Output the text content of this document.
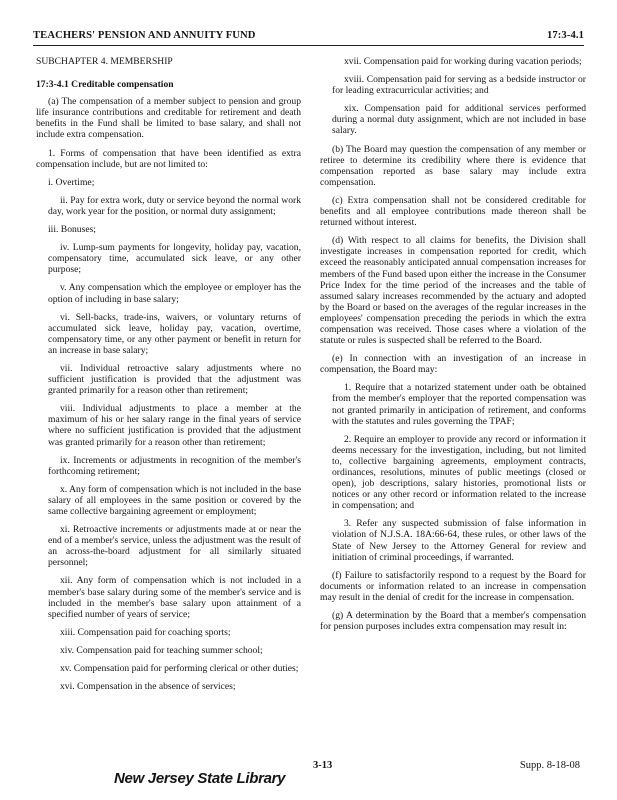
TEACHERS' PENSION AND ANNUITY FUND	17:3-4.1

SUBCHAPTER 4. MEMBERSHIP

17:3-4.1 Creditable compensation

(a) The compensation of a member subject to pension and group life insurance contributions and creditable for retirement and death benefits in the Fund shall be limited to base salary, and shall not include extra compensation.

1. Forms of compensation that have been identified as extra compensation include, but are not limited to:

i. Overtime;

ii. Pay for extra work, duty or service beyond the normal work day, work year for the position, or normal duty assignment;

iii. Bonuses;

iv. Lump-sum payments for longevity, holiday pay, vacation, compensatory time, accumulated sick leave, or any other purpose;

v. Any compensation which the employee or employer has the option of including in base salary;

vi. Sell-backs, trade-ins, waivers, or voluntary returns of accumulated sick leave, holiday pay, vacation, overtime, compensatory time, or any other payment or benefit in return for an increase in base salary;

vii. Individual retroactive salary adjustments where no sufficient justification is provided that the adjustment was granted primarily for a reason other than retirement;

viii. Individual adjustments to place a member at the maximum of his or her salary range in the final years of service where no sufficient justification is provided that the adjustment was granted primarily for a reason other than retirement;

ix. Increments or adjustments in recognition of the member's forthcoming retirement;

x. Any form of compensation which is not included in the base salary of all employees in the same position or covered by the same collective bargaining agreement or employment;

xi. Retroactive increments or adjustments made at or near the end of a member's service, unless the adjustment was the result of an across-the-board adjustment for all similarly situated personnel;

xii. Any form of compensation which is not included in a member's base salary during some of the member's service and is included in the member's base salary upon attainment of a specified number of years of service;

xiii. Compensation paid for coaching sports;

xiv. Compensation paid for teaching summer school;

xv. Compensation paid for performing clerical or other duties;

xvi. Compensation in the absence of services;

xvii. Compensation paid for working during vacation periods;

xviii. Compensation paid for serving as a bedside instructor or for leading extracurricular activities; and

xix. Compensation paid for additional services performed during a normal duty assignment, which are not included in base salary.

(b) The Board may question the compensation of any member or retiree to determine its credibility where there is evidence that compensation reported as base salary may include extra compensation.

(c) Extra compensation shall not be considered creditable for benefits and all employee contributions made thereon shall be returned without interest.

(d) With respect to all claims for benefits, the Division shall investigate increases in compensation reported for credit, which exceed the reasonably anticipated annual compensation increases for members of the Fund based upon either the increase in the Consumer Price Index for the time period of the increases and the table of assumed salary increases recommended by the actuary and adopted by the Board or based on the averages of the regular increases in the employees' compensation preceding the periods in which the extra compensation was received. Those cases where a violation of the statute or rules is suspected shall be referred to the Board.

(e) In connection with an investigation of an increase in compensation, the Board may:

1. Require that a notarized statement under oath be obtained from the member's employer that the reported compensation was not granted primarily in anticipation of retirement, and conforms with the statutes and rules governing the TPAF;

2. Require an employer to provide any record or information it deems necessary for the investigation, including, but not limited to, collective bargaining agreements, employment contracts, ordinances, resolutions, minutes of public meetings (closed or open), job descriptions, salary histories, promotional lists or notices or any other record or information related to the increase in compensation; and

3. Refer any suspected submission of false information in violation of N.J.S.A. 18A:66-64, these rules, or other laws of the State of New Jersey to the Attorney General for review and initiation of criminal proceedings, if warranted.

(f) Failure to satisfactorily respond to a request by the Board for documents or information related to an increase in compensation may result in the denial of credit for the increase in compensation.

(g) A determination by the Board that a member's compensation for pension purposes includes extra compensation may result in:

New Jersey State Library
3-13	Supp. 8-18-08
